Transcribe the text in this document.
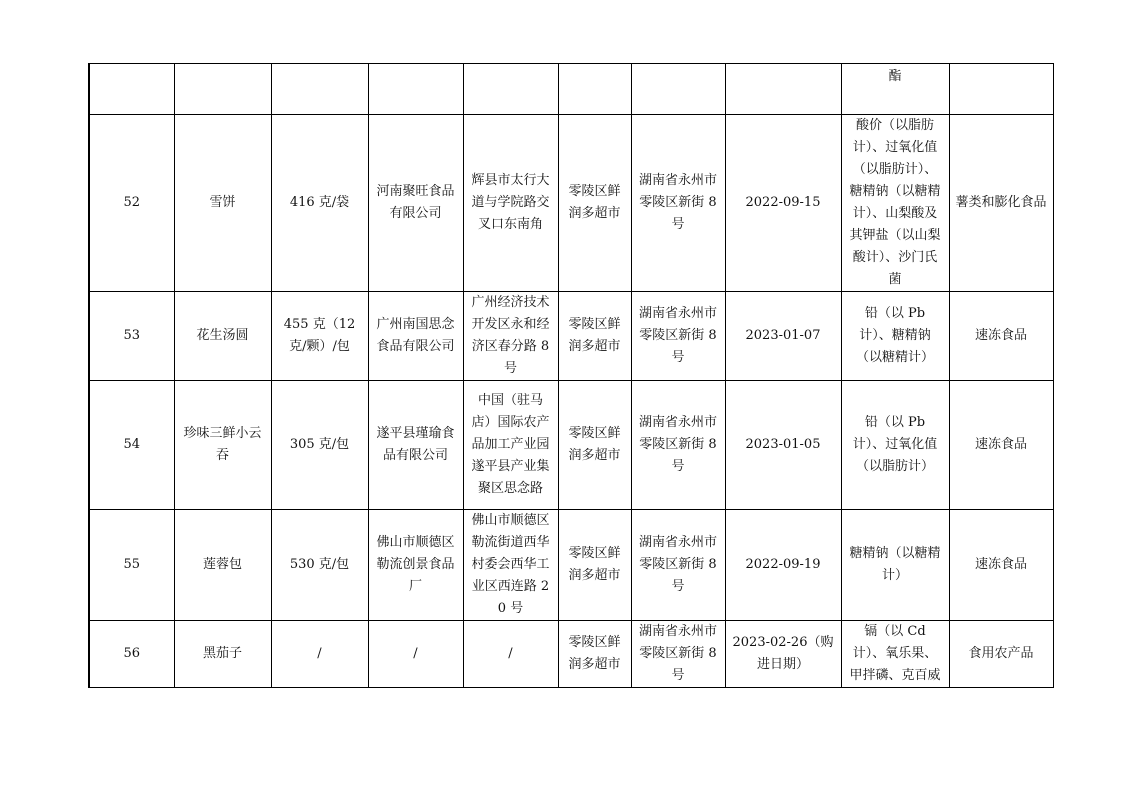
								酯	
52	雪饼	416 克/袋	河南聚旺食品有限公司	辉县市太行大道与学院路交叉口东南角	零陵区鲜润多超市	湖南省永州市零陵区新街 8 号	2022-09-15	酸价（以脂肪计）、过氧化值（以脂肪计）、糖精钠（以糖精计）、山梨酸及其钾盐（以山梨酸计）、沙门氏菌	薯类和膨化食品
53	花生汤圆	455 克（12 克/颗）/包	广州南国思念食品有限公司	广州经济技术开发区永和经济区春分路 8 号	零陵区鲜润多超市	湖南省永州市零陵区新街 8 号	2023-01-07	铅（以 Pb 计）、糖精钠（以糖精计）	速冻食品
54	珍味三鲜小云吞	305 克/包	遂平县瑾瑜食品有限公司	中国（驻马店）国际农产品加工产业园遂平县产业集聚区思念路	零陵区鲜润多超市	湖南省永州市零陵区新街 8 号	2023-01-05	铅（以 Pb 计）、过氧化值（以脂肪计）	速冻食品
55	莲蓉包	530 克/包	佛山市顺德区勒流创景食品厂	佛山市顺德区勒流街道西华村委会西华工业区西连路 20 号	零陵区鲜润多超市	湖南省永州市零陵区新街 8 号	2022-09-19	糖精钠（以糖精计）	速冻食品
56	黑茄子	/	/	/	零陵区鲜润多超市	湖南省永州市零陵区新街 8 号	2023-02-26（购进日期）	镉（以 Cd 计）、氧乐果、甲拌磷、克百威	食用农产品
